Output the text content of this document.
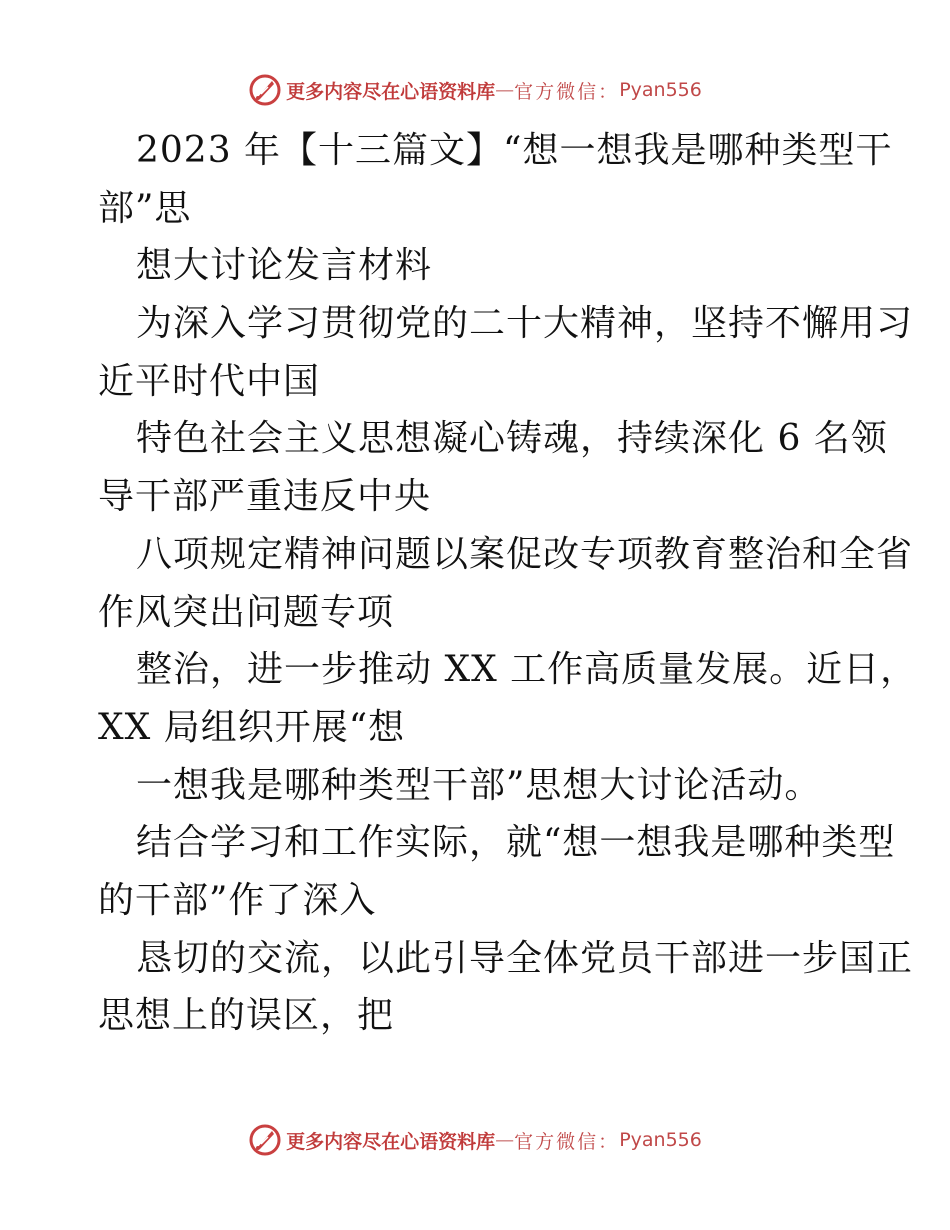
更多内容尽在心语资料库 — 官方微信： Pyan556
2023 年【十三篇文】“想一想我是哪种类型干
部”思
想大讨论发言材料
为深入学习贯彻党的二十大精神，坚持不懈用习
近平时代中国
特色社会主义思想凝心铸魂，持续深化 6 名领
导干部严重违反中央
八项规定精神问题以案促改专项教育整治和全省
作风突出问题专项
整治，进一步推动 XX 工作高质量发展。近日，
XX 局组织开展“想
一想我是哪种类型干部”思想大讨论活动。
结合学习和工作实际，就“想一想我是哪种类型
的干部”作了深入
恳切的交流，以此引导全体党员干部进一步国正
思想上的误区，把
更多内容尽在心语资料库 — 官方微信： Pyan556
